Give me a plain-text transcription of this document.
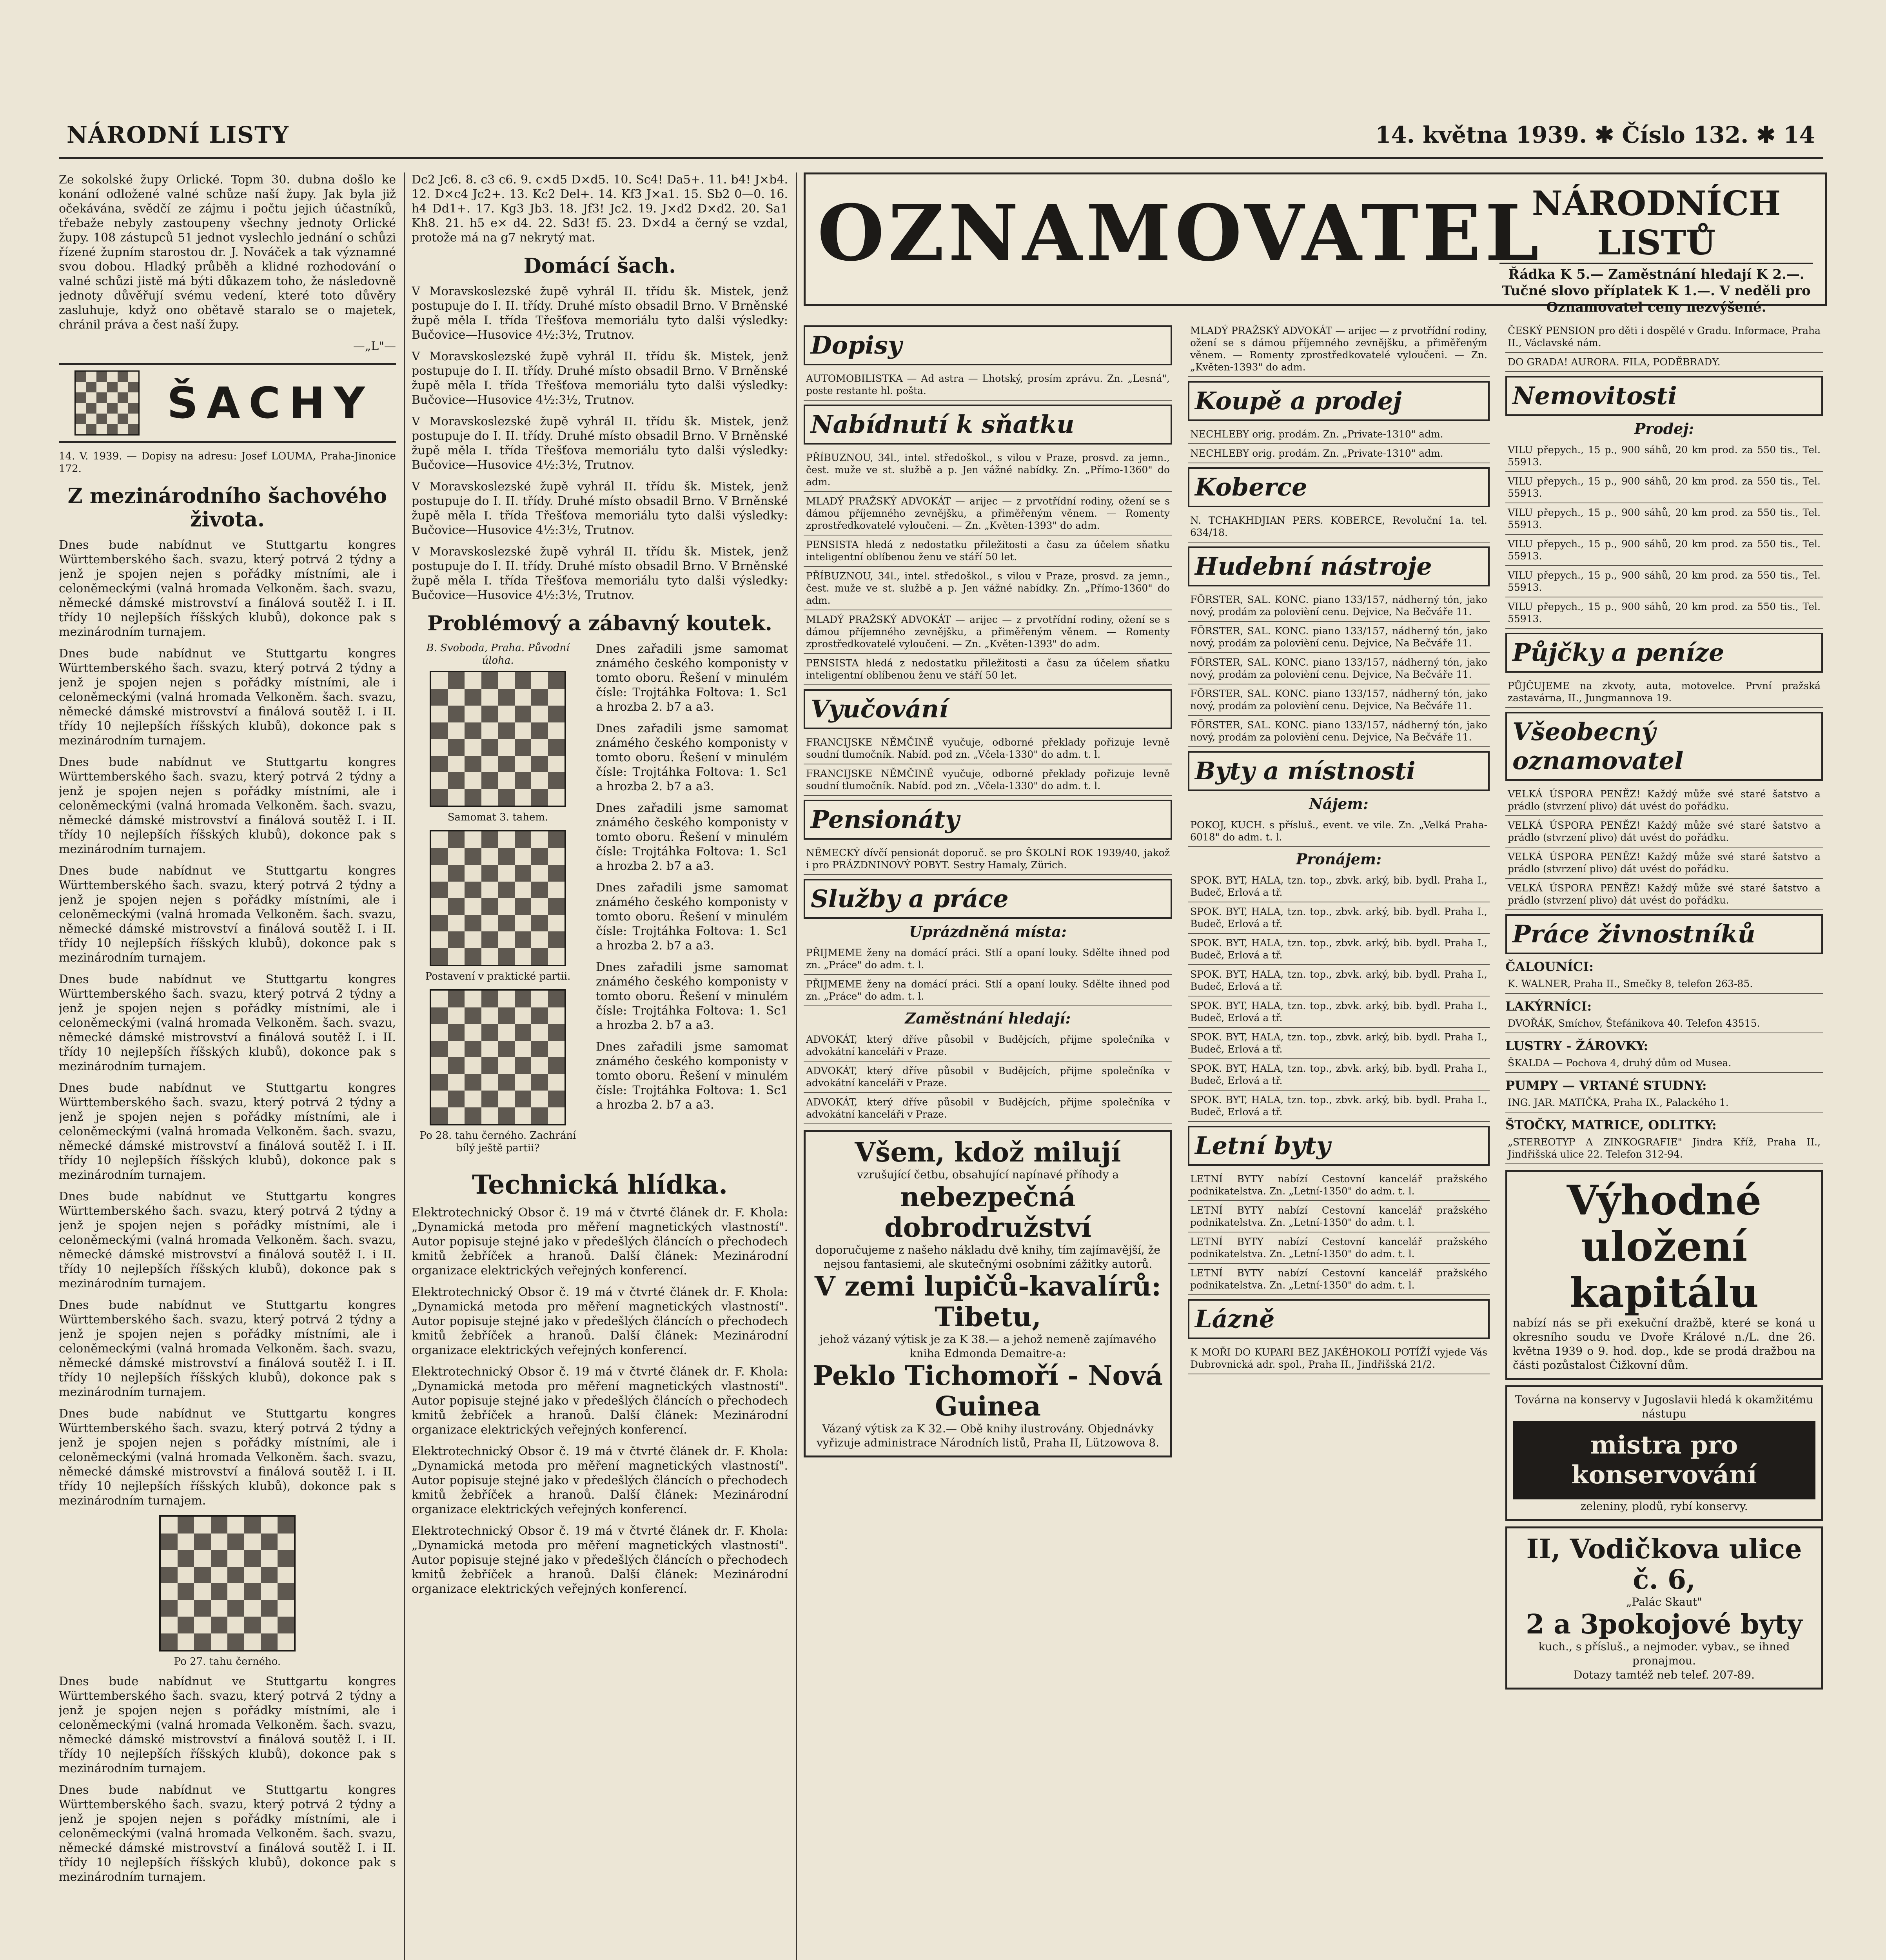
NÁRODNÍ LISTY	14. května 1939. ✱ Číslo 132. ✱ 14

Ze sokolské župy Orlické. Topm 30. dubna došlo ke konání odložené valné schůze naší župy. Jak byla již očekávána, svědčí ze zájmu i počtu jejich účastníků, třebaže nebyly zastoupeny všechny jednoty Orlické župy. 108 zástupců 51 jednot vyslechlo jednání o schůzi řízené župním starostou dr. J. Nováček a tak významné svou dobou. Hladký průběh a klidné rozhodování o valné schůzi jistě má býti důkazem toho, že následovně jednoty důvěřují svému vedení, které toto důvěry zasluhuje, když ono obětavě staralo se o majetek, chránil práva a čest naší župy.

—„L"—

ŠACHY

14. V. 1939. — Dopisy na adresu: Josef LOUMA, Praha-Jinonice 172.

Z mezinárodního šachového života.

Dnes bude nabídnut ve Stuttgartu kongres Württemberského šach. svazu, který potrvá 2 týdny a jenž je spojen nejen s pořádky místními, ale i celoněmeckými (valná hromada Velkoněm. šach. svazu, německé dámské mistrovství a finálová soutěž I. i II. třídy 10 nejlepších říšských klubů), dokonce pak s mezinárodním turnajem.

Dnes bude nabídnut ve Stuttgartu kongres Württemberského šach. svazu, který potrvá 2 týdny a jenž je spojen nejen s pořádky místními, ale i celoněmeckými (valná hromada Velkoněm. šach. svazu, německé dámské mistrovství a finálová soutěž I. i II. třídy 10 nejlepších říšských klubů), dokonce pak s mezinárodním turnajem.

Dnes bude nabídnut ve Stuttgartu kongres Württemberského šach. svazu, který potrvá 2 týdny a jenž je spojen nejen s pořádky místními, ale i celoněmeckými (valná hromada Velkoněm. šach. svazu, německé dámské mistrovství a finálová soutěž I. i II. třídy 10 nejlepších říšských klubů), dokonce pak s mezinárodním turnajem.

Dnes bude nabídnut ve Stuttgartu kongres Württemberského šach. svazu, který potrvá 2 týdny a jenž je spojen nejen s pořádky místními, ale i celoněmeckými (valná hromada Velkoněm. šach. svazu, německé dámské mistrovství a finálová soutěž I. i II. třídy 10 nejlepších říšských klubů), dokonce pak s mezinárodním turnajem.

Dnes bude nabídnut ve Stuttgartu kongres Württemberského šach. svazu, který potrvá 2 týdny a jenž je spojen nejen s pořádky místními, ale i celoněmeckými (valná hromada Velkoněm. šach. svazu, německé dámské mistrovství a finálová soutěž I. i II. třídy 10 nejlepších říšských klubů), dokonce pak s mezinárodním turnajem.

Dnes bude nabídnut ve Stuttgartu kongres Württemberského šach. svazu, který potrvá 2 týdny a jenž je spojen nejen s pořádky místními, ale i celoněmeckými (valná hromada Velkoněm. šach. svazu, německé dámské mistrovství a finálová soutěž I. i II. třídy 10 nejlepších říšských klubů), dokonce pak s mezinárodním turnajem.

Dnes bude nabídnut ve Stuttgartu kongres Württemberského šach. svazu, který potrvá 2 týdny a jenž je spojen nejen s pořádky místními, ale i celoněmeckými (valná hromada Velkoněm. šach. svazu, německé dámské mistrovství a finálová soutěž I. i II. třídy 10 nejlepších říšských klubů), dokonce pak s mezinárodním turnajem.

Dnes bude nabídnut ve Stuttgartu kongres Württemberského šach. svazu, který potrvá 2 týdny a jenž je spojen nejen s pořádky místními, ale i celoněmeckými (valná hromada Velkoněm. šach. svazu, německé dámské mistrovství a finálová soutěž I. i II. třídy 10 nejlepších říšských klubů), dokonce pak s mezinárodním turnajem.

Dnes bude nabídnut ve Stuttgartu kongres Württemberského šach. svazu, který potrvá 2 týdny a jenž je spojen nejen s pořádky místními, ale i celoněmeckými (valná hromada Velkoněm. šach. svazu, německé dámské mistrovství a finálová soutěž I. i II. třídy 10 nejlepších říšských klubů), dokonce pak s mezinárodním turnajem.

Po 27. tahu černého.

Dnes bude nabídnut ve Stuttgartu kongres Württemberského šach. svazu, který potrvá 2 týdny a jenž je spojen nejen s pořádky místními, ale i celoněmeckými (valná hromada Velkoněm. šach. svazu, německé dámské mistrovství a finálová soutěž I. i II. třídy 10 nejlepších říšských klubů), dokonce pak s mezinárodním turnajem.

Dnes bude nabídnut ve Stuttgartu kongres Württemberského šach. svazu, který potrvá 2 týdny a jenž je spojen nejen s pořádky místními, ale i celoněmeckými (valná hromada Velkoněm. šach. svazu, německé dámské mistrovství a finálová soutěž I. i II. třídy 10 nejlepších říšských klubů), dokonce pak s mezinárodním turnajem.

Dc2 Jc6. 8. c3 c6. 9. c×d5 D×d5. 10. Sc4! Da5+. 11. b4! J×b4. 12. D×c4 Jc2+. 13. Kc2 Del+. 14. Kf3 J×a1. 15. Sb2 0—0. 16. h4 Dd1+. 17. Kg3 Jb3. 18. Jf3! Jc2. 19. J×d2 D×d2. 20. Sa1 Kh8. 21. h5 e× d4. 22. Sd3! f5. 23. D×d4 a černý se vzdal, protože má na g7 nekrytý mat.

Domácí šach.

V Moravskoslezské župě vyhrál II. třídu šk. Mistek, jenž postupuje do I. II. třídy. Druhé místo obsadil Brno. V Brněnské župě měla I. třída Třešťova memoriálu tyto dalši výsledky: Bučovice—Husovice 4½:3½, Trutnov.

V Moravskoslezské župě vyhrál II. třídu šk. Mistek, jenž postupuje do I. II. třídy. Druhé místo obsadil Brno. V Brněnské župě měla I. třída Třešťova memoriálu tyto dalši výsledky: Bučovice—Husovice 4½:3½, Trutnov.

V Moravskoslezské župě vyhrál II. třídu šk. Mistek, jenž postupuje do I. II. třídy. Druhé místo obsadil Brno. V Brněnské župě měla I. třída Třešťova memoriálu tyto dalši výsledky: Bučovice—Husovice 4½:3½, Trutnov.

V Moravskoslezské župě vyhrál II. třídu šk. Mistek, jenž postupuje do I. II. třídy. Druhé místo obsadil Brno. V Brněnské župě měla I. třída Třešťova memoriálu tyto dalši výsledky: Bučovice—Husovice 4½:3½, Trutnov.

V Moravskoslezské župě vyhrál II. třídu šk. Mistek, jenž postupuje do I. II. třídy. Druhé místo obsadil Brno. V Brněnské župě měla I. třída Třešťova memoriálu tyto dalši výsledky: Bučovice—Husovice 4½:3½, Trutnov.

Problémový a zábavný koutek.
B. Svoboda, Praha. Původní úloha.
Samomat 3. tahem.
Postavení v praktické partii.
Po 28. tahu černého. Zachrání bílý ještě partii?

Dnes zařadili jsme samomat známého českého komponisty v tomto oboru. Řešení v minulém čísle: Trojtáhka Foltova: 1. Sc1 a hrozba 2. b7 a a3.

Dnes zařadili jsme samomat známého českého komponisty v tomto oboru. Řešení v minulém čísle: Trojtáhka Foltova: 1. Sc1 a hrozba 2. b7 a a3.

Dnes zařadili jsme samomat známého českého komponisty v tomto oboru. Řešení v minulém čísle: Trojtáhka Foltova: 1. Sc1 a hrozba 2. b7 a a3.

Dnes zařadili jsme samomat známého českého komponisty v tomto oboru. Řešení v minulém čísle: Trojtáhka Foltova: 1. Sc1 a hrozba 2. b7 a a3.

Dnes zařadili jsme samomat známého českého komponisty v tomto oboru. Řešení v minulém čísle: Trojtáhka Foltova: 1. Sc1 a hrozba 2. b7 a a3.

Dnes zařadili jsme samomat známého českého komponisty v tomto oboru. Řešení v minulém čísle: Trojtáhka Foltova: 1. Sc1 a hrozba 2. b7 a a3.

Technická hlídka.

Elektrotechnický Obsor č. 19 má v čtvrté článek dr. F. Khola: „Dynamická metoda pro měření magnetických vlastností". Autor popisuje stejné jako v předešlých článcích o přechodech kmitů žebříček a hranoů. Další článek: Mezinárodní organizace elektrických veřejných konferencí.

Elektrotechnický Obsor č. 19 má v čtvrté článek dr. F. Khola: „Dynamická metoda pro měření magnetických vlastností". Autor popisuje stejné jako v předešlých článcích o přechodech kmitů žebříček a hranoů. Další článek: Mezinárodní organizace elektrických veřejných konferencí.

Elektrotechnický Obsor č. 19 má v čtvrté článek dr. F. Khola: „Dynamická metoda pro měření magnetických vlastností". Autor popisuje stejné jako v předešlých článcích o přechodech kmitů žebříček a hranoů. Další článek: Mezinárodní organizace elektrických veřejných konferencí.

Elektrotechnický Obsor č. 19 má v čtvrté článek dr. F. Khola: „Dynamická metoda pro měření magnetických vlastností". Autor popisuje stejné jako v předešlých článcích o přechodech kmitů žebříček a hranoů. Další článek: Mezinárodní organizace elektrických veřejných konferencí.

Elektrotechnický Obsor č. 19 má v čtvrté článek dr. F. Khola: „Dynamická metoda pro měření magnetických vlastností". Autor popisuje stejné jako v předešlých článcích o přechodech kmitů žebříček a hranoů. Další článek: Mezinárodní organizace elektrických veřejných konferencí.

OZNAMOVATEL
NÁRODNÍCH LISTŮ
Řádka K 5.— Zaměstnání hledají K 2.—. Tučné slovo příplatek K 1.—. V neděli pro Oznamovatel ceny nezvýšené.
Dopisy

AUTOMOBILISTKA — Ad astra — Lhotský, prosím zprávu. Zn. „Lesná", poste restante hl. pošta.

Nabídnutí k sňatku

PŘÍBUZNOU, 34l., intel. středoškol., s vilou v Praze, prosvd. za jemn., čest. muže ve st. službě a p. Jen vážné nabídky. Zn. „Přímo-1360" do adm.

MLADÝ PRAŽSKÝ ADVOKÁT — arijec — z prvotřídní rodiny, ožení se s dámou příjemného zevnějšku, a přiměřeným věnem. — Romenty zprostředkovatelé vyloučeni. — Zn. „Květen-1393" do adm.

PENSISTA hledá z nedostatku přiležitosti a času za účelem sňatku inteligentní oblíbenou ženu ve stáří 50 let.

PŘÍBUZNOU, 34l., intel. středoškol., s vilou v Praze, prosvd. za jemn., čest. muže ve st. službě a p. Jen vážné nabídky. Zn. „Přímo-1360" do adm.

MLADÝ PRAŽSKÝ ADVOKÁT — arijec — z prvotřídní rodiny, ožení se s dámou příjemného zevnějšku, a přiměřeným věnem. — Romenty zprostředkovatelé vyloučeni. — Zn. „Květen-1393" do adm.

PENSISTA hledá z nedostatku přiležitosti a času za účelem sňatku inteligentní oblíbenou ženu ve stáří 50 let.

Vyučování

FRANCIJSKE NĚMČINĚ vyučuje, odborné překlady pořizuje levně soudní tlumočník. Nabíd. pod zn. „Včela-1330" do adm. t. l.

FRANCIJSKE NĚMČINĚ vyučuje, odborné překlady pořizuje levně soudní tlumočník. Nabíd. pod zn. „Včela-1330" do adm. t. l.

Pensionáty

NĚMECKÝ dívčí pensionát doporuč. se pro ŠKOLNÍ ROK 1939/40, jakož i pro PRÁZDNINOVÝ POBYT. Sestry Hamaly, Zürich.

Služby a práce
Uprázdněná místa:

PŘIJMEME ženy na domácí práci. Stlí a opaní louky. Sdělte ihned pod zn. „Práce" do adm. t. l.

PŘIJMEME ženy na domácí práci. Stlí a opaní louky. Sdělte ihned pod zn. „Práce" do adm. t. l.

Zaměstnání hledají:

ADVOKÁT, který dříve působil v Budějcích, přijme společníka v advokátní kanceláři v Praze.

ADVOKÁT, který dříve působil v Budějcích, přijme společníka v advokátní kanceláři v Praze.

ADVOKÁT, který dříve působil v Budějcích, přijme společníka v advokátní kanceláři v Praze.

Všem, kdož milují
vzrušující četbu, obsahující napínavé příhody a
nebezpečná dobrodružství
doporučujeme z našeho nákladu dvě knihy, tím zajímavější, že nejsou fantasiemi, ale skutečnými osobními zážitky autorů.
V zemi lupičů-kavalírů: Tibetu,
jehož vázaný výtisk je za K 38.— a jehož nemeně zajímavého kniha Edmonda Demaitre-a:
Peklo Tichomoří - Nová Guinea
Vázaný výtisk za K 32.— Obě knihy ilustrovány. Objednávky vyřizuje administrace Národních listů, Praha II, Lützowova 8.

MLADÝ PRAŽSKÝ ADVOKÁT — arijec — z prvotřídní rodiny, ožení se s dámou příjemného zevnějšku, a přiměřeným věnem. — Romenty zprostředkovatelé vyloučeni. — Zn. „Květen-1393" do adm.

Koupě a prodej

NECHLEBY orig. prodám. Zn. „Private-1310" adm.

NECHLEBY orig. prodám. Zn. „Private-1310" adm.

Koberce

N. TCHAKHDJIAN PERS. KOBERCE, Revoluční 1a. tel. 634/18.

Hudební nástroje

FÖRSTER, SAL. KONC. piano 133/157, nádherný tón, jako nový, prodám za polovièní cenu. Dejvice, Na Bečváře 11.

FÖRSTER, SAL. KONC. piano 133/157, nádherný tón, jako nový, prodám za polovièní cenu. Dejvice, Na Bečváře 11.

FÖRSTER, SAL. KONC. piano 133/157, nádherný tón, jako nový, prodám za polovièní cenu. Dejvice, Na Bečváře 11.

FÖRSTER, SAL. KONC. piano 133/157, nádherný tón, jako nový, prodám za polovièní cenu. Dejvice, Na Bečváře 11.

FÖRSTER, SAL. KONC. piano 133/157, nádherný tón, jako nový, prodám za polovièní cenu. Dejvice, Na Bečváře 11.

Byty a místnosti
Nájem:

POKOJ, KUCH. s přísluš., event. ve vile. Zn. „Velká Praha-6018" do adm. t. l.

Pronájem:

SPOK. BYT, HALA, tzn. top., zbvk. arký, bib. bydl. Praha I., Budeč, Erlová a tř.

SPOK. BYT, HALA, tzn. top., zbvk. arký, bib. bydl. Praha I., Budeč, Erlová a tř.

SPOK. BYT, HALA, tzn. top., zbvk. arký, bib. bydl. Praha I., Budeč, Erlová a tř.

SPOK. BYT, HALA, tzn. top., zbvk. arký, bib. bydl. Praha I., Budeč, Erlová a tř.

SPOK. BYT, HALA, tzn. top., zbvk. arký, bib. bydl. Praha I., Budeč, Erlová a tř.

SPOK. BYT, HALA, tzn. top., zbvk. arký, bib. bydl. Praha I., Budeč, Erlová a tř.

SPOK. BYT, HALA, tzn. top., zbvk. arký, bib. bydl. Praha I., Budeč, Erlová a tř.

SPOK. BYT, HALA, tzn. top., zbvk. arký, bib. bydl. Praha I., Budeč, Erlová a tř.

Letní byty

LETNÍ BYTY nabízí Cestovní kancelář pražského podnikatelstva. Zn. „Letní-1350" do adm. t. l.

LETNÍ BYTY nabízí Cestovní kancelář pražského podnikatelstva. Zn. „Letní-1350" do adm. t. l.

LETNÍ BYTY nabízí Cestovní kancelář pražského podnikatelstva. Zn. „Letní-1350" do adm. t. l.

LETNÍ BYTY nabízí Cestovní kancelář pražského podnikatelstva. Zn. „Letní-1350" do adm. t. l.

Lázně

K MOŘI DO KUPARI BEZ JAKÉHOKOLI POTÍŽÍ vyjede Vás Dubrovnická adr. spol., Praha II., Jindřišská 21/2.

ČESKÝ PENSION pro děti i dospělé v Gradu. Informace, Praha II., Václavské nám.

DO GRADA! AURORA. FILA, PODĚBRADY.

Nemovitosti
Prodej:

VILU přepych., 15 p., 900 sáhů, 20 km prod. za 550 tis., Tel. 55913.

VILU přepych., 15 p., 900 sáhů, 20 km prod. za 550 tis., Tel. 55913.

VILU přepych., 15 p., 900 sáhů, 20 km prod. za 550 tis., Tel. 55913.

VILU přepych., 15 p., 900 sáhů, 20 km prod. za 550 tis., Tel. 55913.

VILU přepych., 15 p., 900 sáhů, 20 km prod. za 550 tis., Tel. 55913.

VILU přepych., 15 p., 900 sáhů, 20 km prod. za 550 tis., Tel. 55913.

Půjčky a peníze

PŮJČUJEME na zkvoty, auta, motovelce. První pražská zastavárna, II., Jungmannova 19.

Všeobecný oznamovatel

VELKÁ ÚSPORA PENĚZ! Každý může své staré šatstvo a prádlo (stvrzení plivo) dát uvést do pořádku.

VELKÁ ÚSPORA PENĚZ! Každý může své staré šatstvo a prádlo (stvrzení plivo) dát uvést do pořádku.

VELKÁ ÚSPORA PENĚZ! Každý může své staré šatstvo a prádlo (stvrzení plivo) dát uvést do pořádku.

VELKÁ ÚSPORA PENĚZ! Každý může své staré šatstvo a prádlo (stvrzení plivo) dát uvést do pořádku.

Práce živnostníků
ČALOUNÍCI:

K. WALNER, Praha II., Smečky 8, telefon 263-85.

LAKÝRNÍCI:

DVOŘÁK, Smíchov, Štefánikova 40. Telefon 43515.

LUSTRY - ŽÁROVKY:

ŠKALDA — Pochova 4, druhý dům od Musea.

PUMPY — VRTANÉ STUDNY:

ING. JAR. MATIČKA, Praha IX., Palackého 1.

ŠTOČKY, MATRICE, ODLITKY:

„STEREOTYP A ZINKOGRAFIE" Jindra Kříž, Praha II., Jindřišská ulice 22. Telefon 312-94.

Výhodné uložení
kapitálu
nabízí nás se při exekuční dražbě, které se koná u okresního soudu ve Dvoře Králové n./L. dne 26. května 1939 o 9. hod. dop., kde se prodá dražbou na části pozůstalost Čižkovní dům.
Továrna na konservy v Jugoslavii hledá k okamžitému nástupu
mistra pro konservování
zeleniny, plodů, rybí konservy.
II, Vodičkova ulice č. 6,
„Palác Skaut"
2 a 3pokojové byty
kuch., s přísluš., a nejmoder. vybav., se ihned pronajmou.
Dotazy tamtéž neb telef. 207-89.
